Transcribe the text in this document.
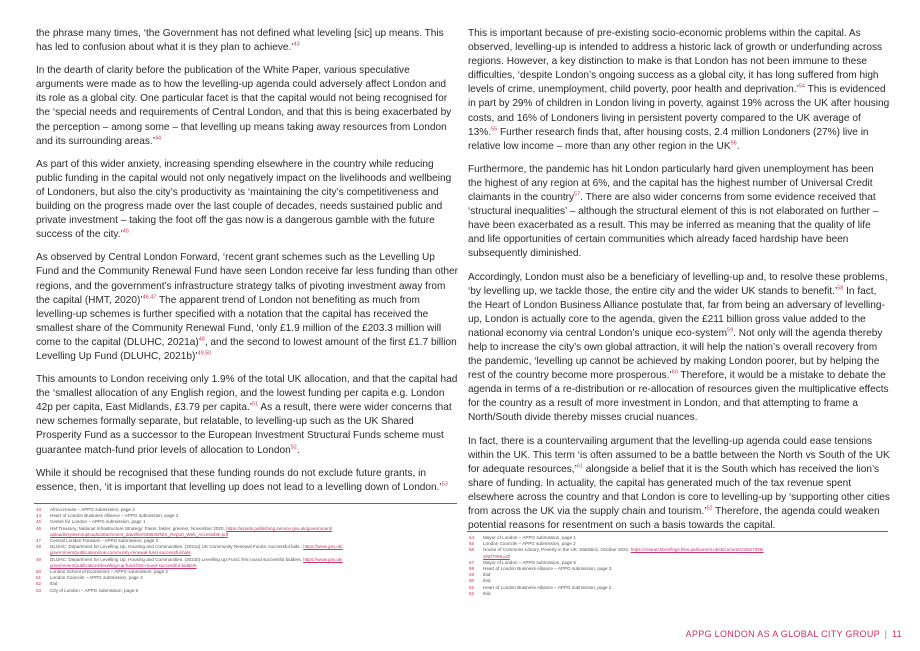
the phrase many times, ‘the Government has not defined what leveling [sic] up means. This has led to confusion about what it is they plan to achieve.’$^{43}$

In the dearth of clarity before the publication of the White Paper, various speculative arguments were made as to how the levelling-up agenda could adversely affect London and its role as a global city. One particular facet is that the capital would not being recognised for the ‘special needs and requirements of Central London, and that this is being exacerbated by the perception – among some – that levelling up means taking away resources from London and its surrounding areas.’$^{44}$

As part of this wider anxiety, increasing spending elsewhere in the country while reducing public funding in the capital would not only negatively impact on the livelihoods and wellbeing of Londoners, but also the city’s productivity as ‘maintaining the city’s competitiveness and building on the progress made over the last couple of decades, needs sustained public and private investment – taking the foot off the gas now is a dangerous gamble with the future success of the city.’$^{45}$

As observed by Central London Forward, ‘recent grant schemes such as the Levelling Up Fund and the Community Renewal Fund have seen London receive far less funding than other regions, and the government’s infrastructure strategy talks of pivoting investment away from the capital (HMT, 2020)’$^{46,47}$ The apparent trend of London not benefiting as much from levelling-up schemes is further specified with a notation that the capital has received the smallest share of the Community Renewal Fund, ‘only £1.9 million of the £203.3 million will come to the capital (DLUHC, 2021a)$^{48}$, and the second to lowest amount of the first £1.7 billion Levelling Up Fund (DLUHC, 2021b)’$^{49,50}$

This amounts to London receiving only 1.9% of the total UK allocation, and that the capital had the ‘smallest allocation of any English region, and the lowest funding per capita e.g. London 42p per capita, East Midlands, £3.79 per capita.’$^{51}$ As a result, there were wider concerns that new schemes formally separate, but relatable, to levelling-up such as the UK Shared Prosperity Fund as a successor to the European Investment Structural Funds scheme must guarantee match-fund prior levels of allocation to London$^{52}$.

While it should be recognised that these funding rounds do not exclude future grants, in essence, then, ‘it is important that levelling up does not lead to a levelling down of London.’$^{53}$

This is important because of pre-existing socio-economic problems within the capital. As observed, levelling-up is intended to address a historic lack of growth or underfunding across regions. However, a key distinction to make is that London has not been immune to these difficulties, ‘despite London’s ongoing success as a global city, it has long suffered from high levels of crime, unemployment, child poverty, poor health and deprivation.’$^{54}$ This is evidenced in part by 29% of children in London living in poverty, against 19% across the UK after housing costs, and 16% of Londoners living in persistent poverty compared to the UK average of 13%.$^{55}$ Further research finds that, after housing costs, 2.4 million Londoners (27%) live in relative low income – more than any other region in the UK$^{56}$.

Furthermore, the pandemic has hit London particularly hard given unemployment has been the highest of any region at 6%, and the capital has the highest number of Universal Credit claimants in the country$^{57}$. There are also wider concerns from some evidence received that ‘structural inequalities’ – although the structural element of this is not elaborated on further – have been exacerbated as a result. This may be inferred as meaning that the quality of life and life opportunities of certain communities which already faced hardship have been subsequently diminished.

Accordingly, London must also be a beneficiary of levelling-up and, to resolve these problems, ‘by levelling up, we tackle those, the entire city and the wider UK stands to benefit.’$^{58}$ In fact, the Heart of London Business Alliance postulate that, far from being an adversary of levelling-up, London is actually core to the agenda, given the £211 billion gross value added to the national economy via central London’s unique eco-system$^{59}$. Not only will the agenda thereby help to increase the city’s own global attraction, it will help the nation’s overall recovery from the pandemic, ‘levelling up cannot be achieved by making London poorer, but by helping the rest of the country become more prosperous.’$^{60}$ Therefore, it would be a mistake to debate the agenda in terms of a re-distribution or re-allocation of resources given the multiplicative effects for the country as a result of more investment in London, and that attempting to frame a North/South divide thereby misses crucial nuances.

In fact, there is a countervailing argument that the levelling-up agenda could ease tensions within the UK. This term ‘is often assumed to be a battle between the North vs South of the UK for adequate resources,’$^{61}$ alongside a belief that it is the South which has received the lion’s share of funding. In actuality, the capital has generated much of the tax revenue spent elsewhere across the country and that London is core to levelling-up by ‘supporting other cities from across the UK via the supply chain and tourism.’$^{62}$ Therefore, the agenda could weaken potential reasons for resentment on such a basis towards the capital.

43 Africa House – APPG submission, page 3
44 Heart of London Business Alliance – APPG submission, page 2
45 Centre for London – APPG submission, page 1
46 HM Treasury, National Infrastructure Strategy: Fairer, faster, greener, November 2020, https://assets.publishing.service.gov.uk/government/
uploads/system/uploads/attachment_data/file/938539/NIS_Report_Web_Accessible.pdf
47 Central London Forward – APPG submission, page 3
48 DLUHC: Department for Levelling Up, Housing and Communities. (2021a) UK Community Renewal Funds: successful bids.: https://www.gov.uk/
government/publications/uk-community-renewal-fund-successful-bids
49 DLUHC: Department for Levelling Up, Housing and Communities. (2021b) Levelling Up Fund: first round successful bidders. https://www.gov.uk/
government/publications/levelling-up-fund-first-round-successful-bidders
50 London School of Economics – APPG submission, page 2
51 London Councils – APPG submission, page 3
52 Ibid
53 City of London – APPG submission, page 9
54 Mayor of London – APPG submission, page 1
55 London Councils – APPG submission, page 2
56 House of Commons Library, Poverty in the UK: Statistics, October 2021, https://researchbriefings.files.parliament.uk/documents/SN07096/
SN07096.pdf
57 Mayor of London – APPG submission, page 5
58 Heart of London Business Alliance – APPG submission, page 3
59 Ibid
60 Ibid
61 Heart of London Business Alliance – APPG submission, page 2
62 Ibid
APPG LONDON AS A GLOBAL CITY GROUP | 11
